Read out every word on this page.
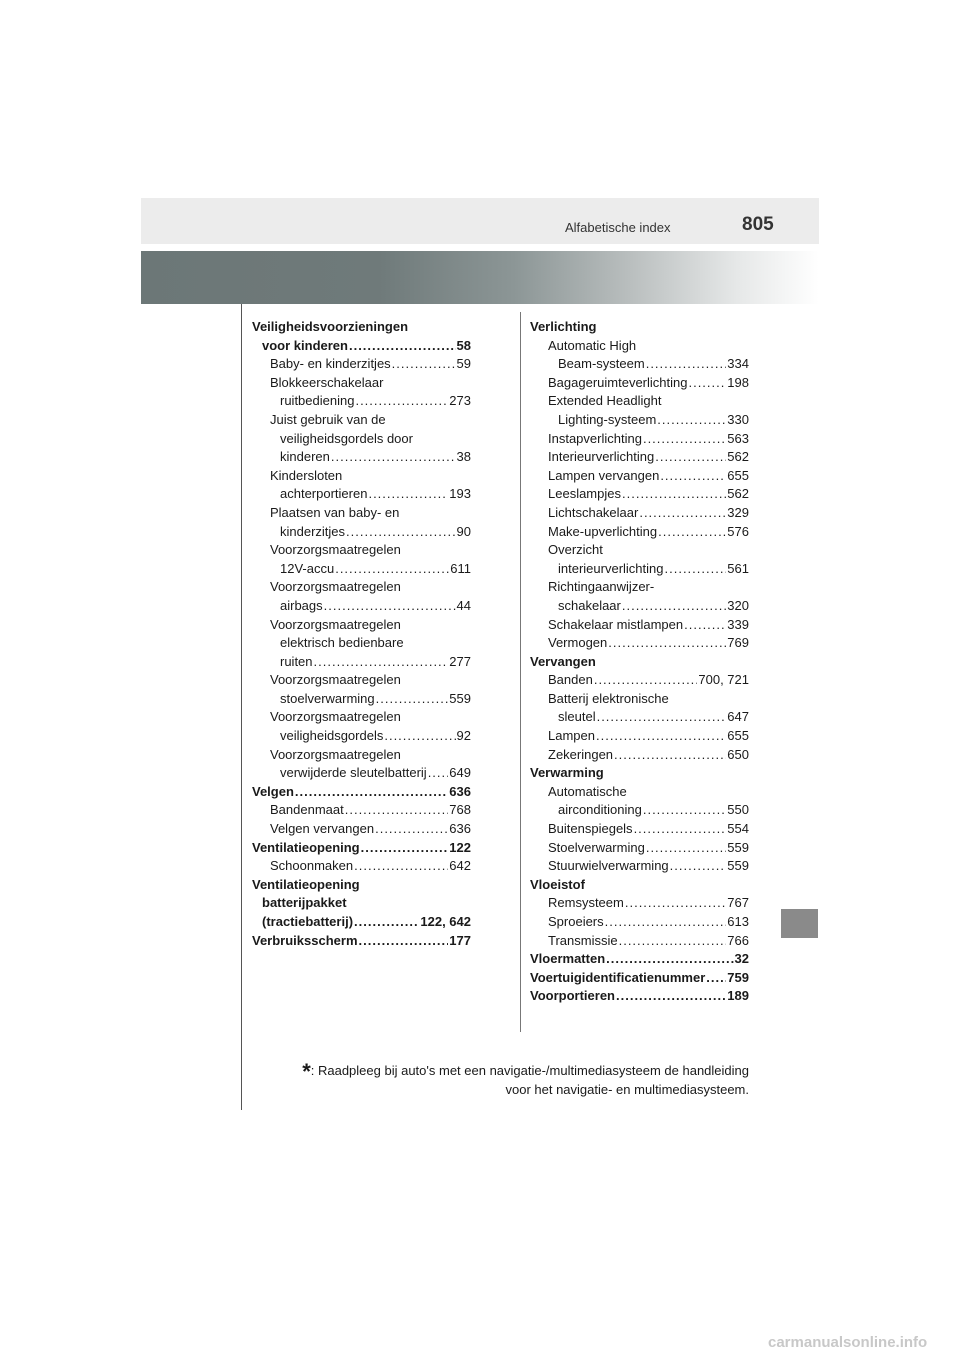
Alfabetische index	805
Veiligheidsvoorzieningen
voor kinderen .....	58
Baby- en kinderzitjes .....	59
Blokkeerschakelaar
ruitbediening .....	273
Juist gebruik van de
veiligheidsgordels door
kinderen .....	38
Kindersloten
achterportieren .....	193
Plaatsen van baby- en
kinderzitjes .....	90
Voorzorgsmaatregelen
12V-accu .....	611
Voorzorgsmaatregelen
airbags .....	44
Voorzorgsmaatregelen
elektrisch bedienbare
ruiten .....	277
Voorzorgsmaatregelen
stoelverwarming .....	559
Voorzorgsmaatregelen
veiligheidsgordels .....	92
Voorzorgsmaatregelen
verwijderde sleutelbatterij ..... 649
Velgen .....	636
Bandenmaat .....	768
Velgen vervangen .....	636
Ventilatieopening .....	122
Schoonmaken .....	642
Ventilatieopening
batterijpakket
(tractiebatterij) .....	122, 642
Verbruiksscherm .....	177
Verlichting
Automatic High
Beam-systeem .....	334
Bagageruimteverlichting .....	198
Extended Headlight
Lighting-systeem .....	330
Instapverlichting .....	563
Interieurverlichting .....	562
Lampen vervangen .....	655
Leeslampjes .....	562
Lichtschakelaar .....	329
Make-upverlichting .....	576
Overzicht
interieurverlichting .....	561
Richtingaanwijzer-
schakelaar .....	320
Schakelaar mistlampen .....	339
Vermogen .....	769
Vervangen
Banden .....	700, 721
Batterij elektronische
sleutel .....	647
Lampen .....	655
Zekeringen .....	650
Verwarming
Automatische
airconditioning .....	550
Buitenspiegels .....	554
Stoelverwarming .....	559
Stuurwielverwarming .....	559
Vloeistof
Remsysteem .....	767
Sproeiers .....	613
Transmissie .....	766
Vloermatten .....	32
Voertuigidentificatienummer ..... 759
Voorportieren .....	189
*: Raadpleeg bij auto's met een navigatie-/multimediasysteem de handleiding
voor het navigatie- en multimediasysteem.
carmanualsonline.info
